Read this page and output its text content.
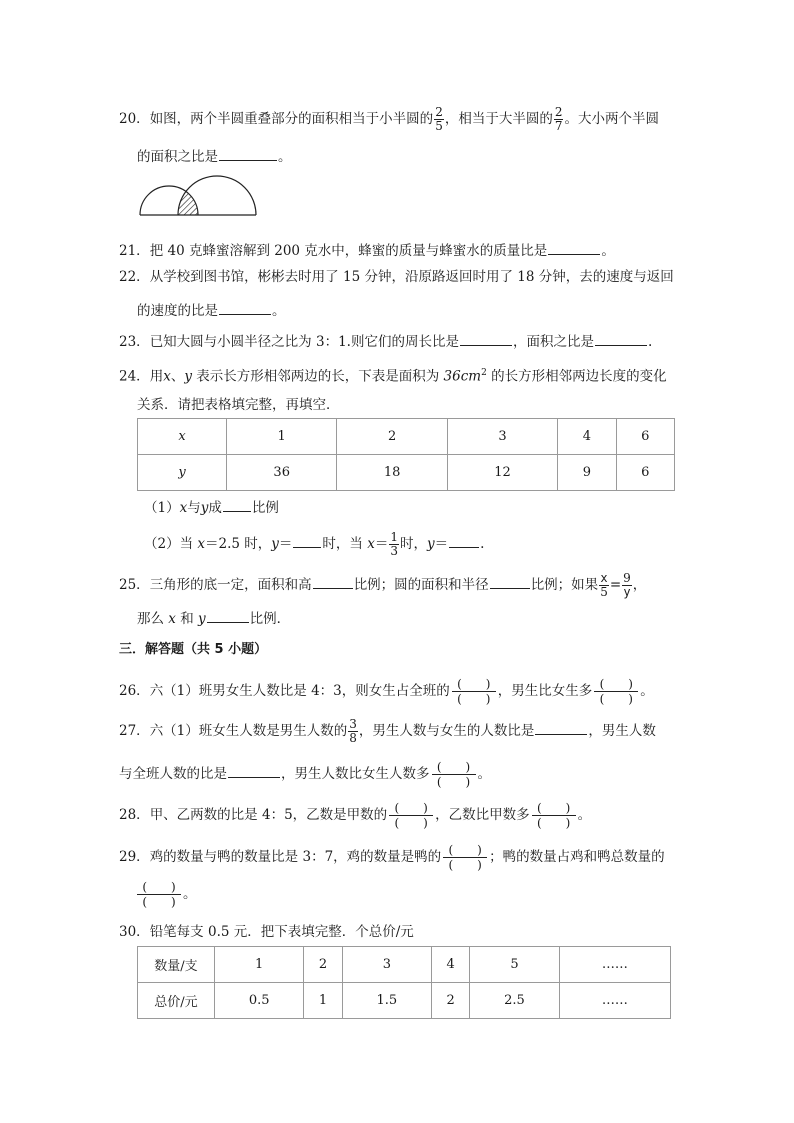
20．如图，两个半圆重叠部分的面积相当于小半圆的 $\frac{2}{5}$ ，相当于大半圆的 $\frac{2}{7}$ 。大小两个半圆
的面积之比是	。
21．把 40 克蜂蜜溶解到 200 克水中，蜂蜜的质量与蜂蜜水的质量比是	。
22．从学校到图书馆，彬彬去时用了 15 分钟，沿原路返回时用了 18 分钟，去的速度与返回
的速度的比是	。
23．已知大圆与小圆半径之比为 3：1.则它们的周长比是	，面积之比是	.
24．用x、y 表示长方形相邻两边的长，下表是面积为 $36cm^2$ 的长方形相邻两边长度的变化
关系．请把表格填完整，再填空．
x	1	2	3	4	6
y	36	18	12	9	6
（1）x与y成 比例
（2）当 x＝2.5 时，y＝ 时，当 $x= \frac{1}{3}$ 时，y＝ .
25．三角形的底一定，面积和高	比例；圆的面积和半径	比例；如果 $\frac{x}{5} = \frac{9}{y}$ ，
那么 x 和 y	比例．
三．解答题（共 5 小题）
26．六（1）班男女生人数比是 4：3，则女生占全班的 (　　)
(　　) ，男生比女生多 (　　)
(　　) 。
27．六（1）班女生人数是男生人数的 $\frac{3}{8}$ ，男生人数与女生的人数比是	，男生人数
与全班人数的比是	，男生人数比女生人数多 (　　)
(　　) 。
28．甲、乙两数的比是 4：5，乙数是甲数的 (　　)
(　　) ，乙数比甲数多 (　　)
(　　) 。
29．鸡的数量与鸭的数量比是 3：7，鸡的数量是鸭的 (　　)
(　　) ；鸭的数量占鸡和鸭总数量的
(　　)
(　　) 。
30．铅笔每支 0.5 元．把下表填完整．个总价/元
数量/支	1	2	3	4	5	……
总价/元	0.5	1	1.5	2	2.5	……
